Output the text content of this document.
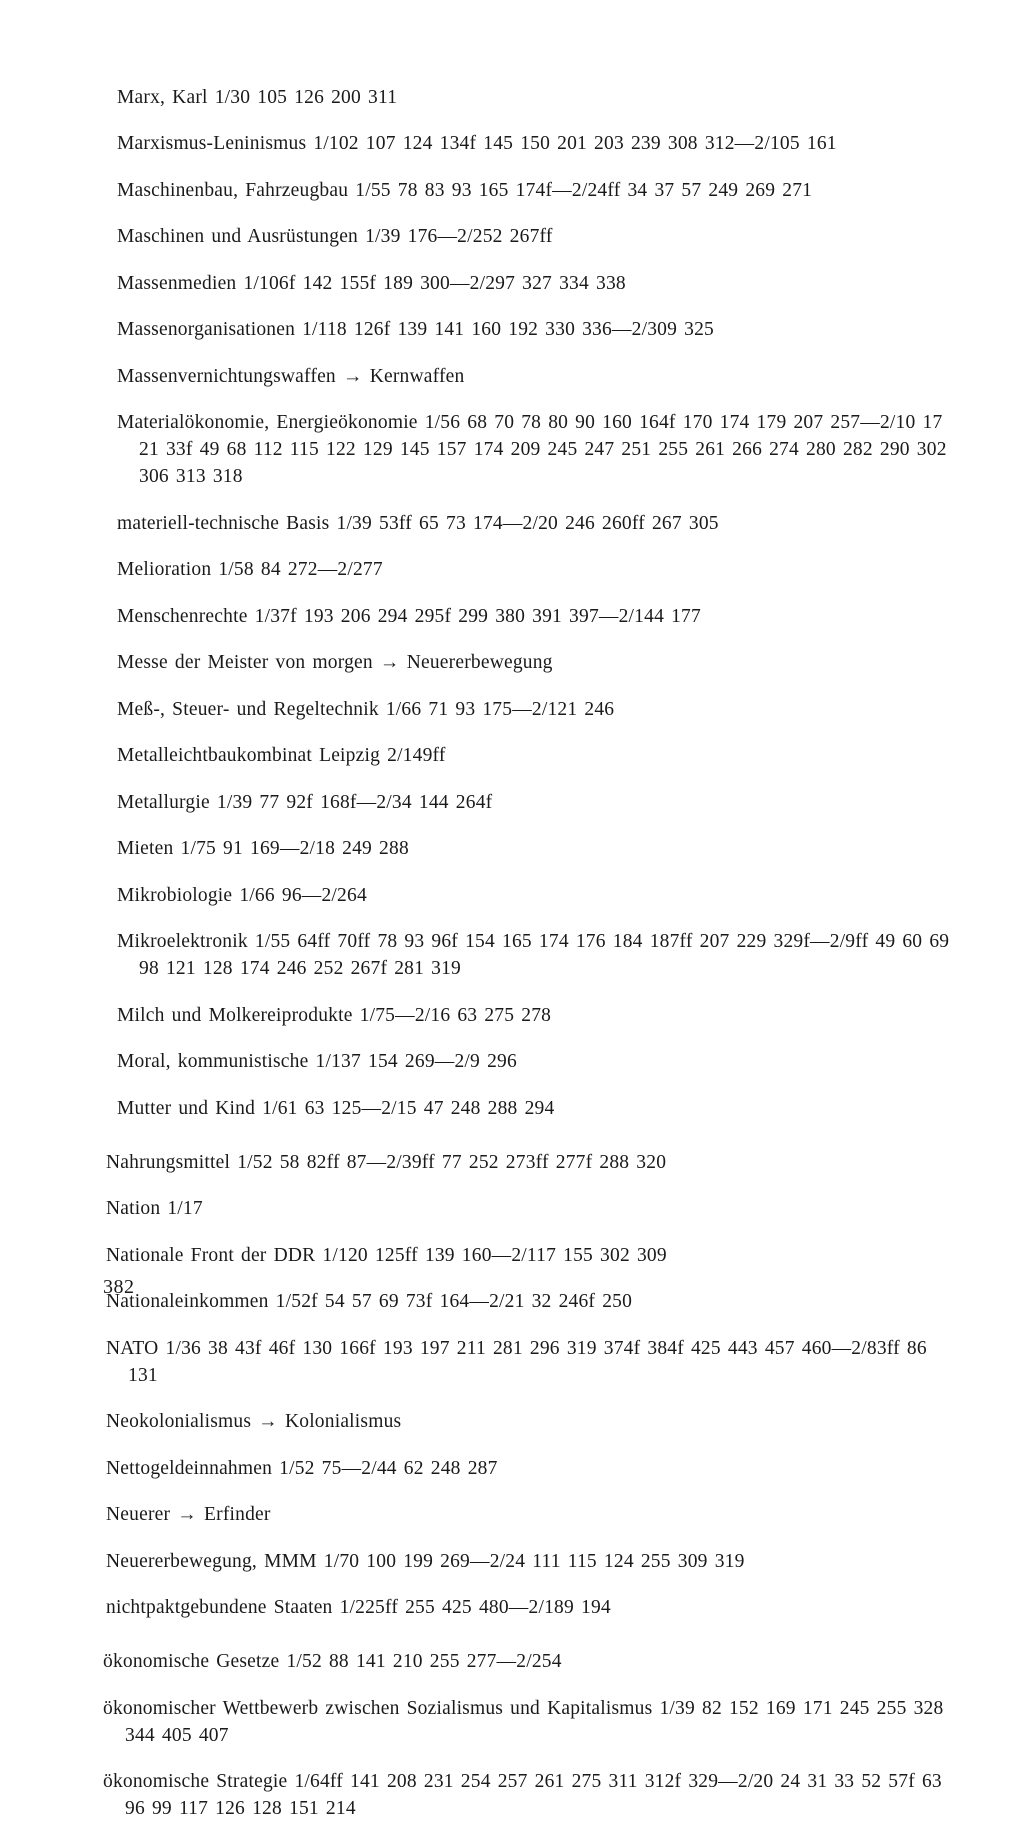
Marx, Karl 1/30 105 126 200 311

Marxismus-Leninismus 1/102 107 124 134f 145 150 201 203 239 308 312—2/105 161

Maschinenbau, Fahrzeugbau 1/55 78 83 93 165 174f—2/24ff 34 37 57 249 269 271

Maschinen und Ausrüstungen 1/39 176—2/252 267ff

Massenmedien 1/106f 142 155f 189 300—2/297 327 334 338

Massenorganisationen 1/118 126f 139 141 160 192 330 336—2/309 325

Massenvernichtungswaffen → Kernwaffen

Materialökonomie, Energieökonomie 1/56 68 70 78 80 90 160 164f 170 174 179 207 257—2/10 17 21 33f 49 68 112 115 122 129 145 157 174 209 245 247 251 255 261 266 274 280 282 290 302 306 313 318

materiell-technische Basis 1/39 53ff 65 73 174—2/20 246 260ff 267 305

Melioration 1/58 84 272—2/277

Menschenrechte 1/37f 193 206 294 295f 299 380 391 397—2/144 177

Messe der Meister von morgen → Neuererbewegung

Meß-, Steuer- und Regeltechnik 1/66 71 93 175—2/121 246

Metalleichtbaukombinat Leipzig 2/149ff

Metallurgie 1/39 77 92f 168f—2/34 144 264f

Mieten 1/75 91 169—2/18 249 288

Mikrobiologie 1/66 96—2/264

Mikroelektronik 1/55 64ff 70ff 78 93 96f 154 165 174 176 184 187ff 207 229 329f—2/9ff 49 60 69 98 121 128 174 246 252 267f 281 319

Milch und Molkereiprodukte 1/75—2/16 63 275 278

Moral, kommunistische 1/137 154 269—2/9 296

Mutter und Kind 1/61 63 125—2/15 47 248 288 294

Nahrungsmittel 1/52 58 82ff 87—2/39ff 77 252 273ff 277f 288 320

Nation 1/17

Nationale Front der DDR 1/120 125ff 139 160—2/117 155 302 309

Nationaleinkommen 1/52f 54 57 69 73f 164—2/21 32 246f 250

NATO 1/36 38 43f 46f 130 166f 193 197 211 281 296 319 374f 384f 425 443 457 460—2/83ff 86 131

Neokolonialismus → Kolonialismus

Nettogeldeinnahmen 1/52 75—2/44 62 248 287

Neuerer → Erfinder

Neuererbewegung, MMM 1/70 100 199 269—2/24 111 115 124 255 309 319

nichtpaktgebundene Staaten 1/225ff 255 425 480—2/189 194

ökonomische Gesetze 1/52 88 141 210 255 277—2/254

ökonomischer Wettbewerb zwischen Sozialismus und Kapitalismus 1/39 82 152 169 171 245 255 328 344 405 407

ökonomische Strategie 1/64ff 141 208 231 254 257 261 275 311 312f 329—2/20 24 31 33 52 57f 63 96 99 117 126 128 151 214

382
